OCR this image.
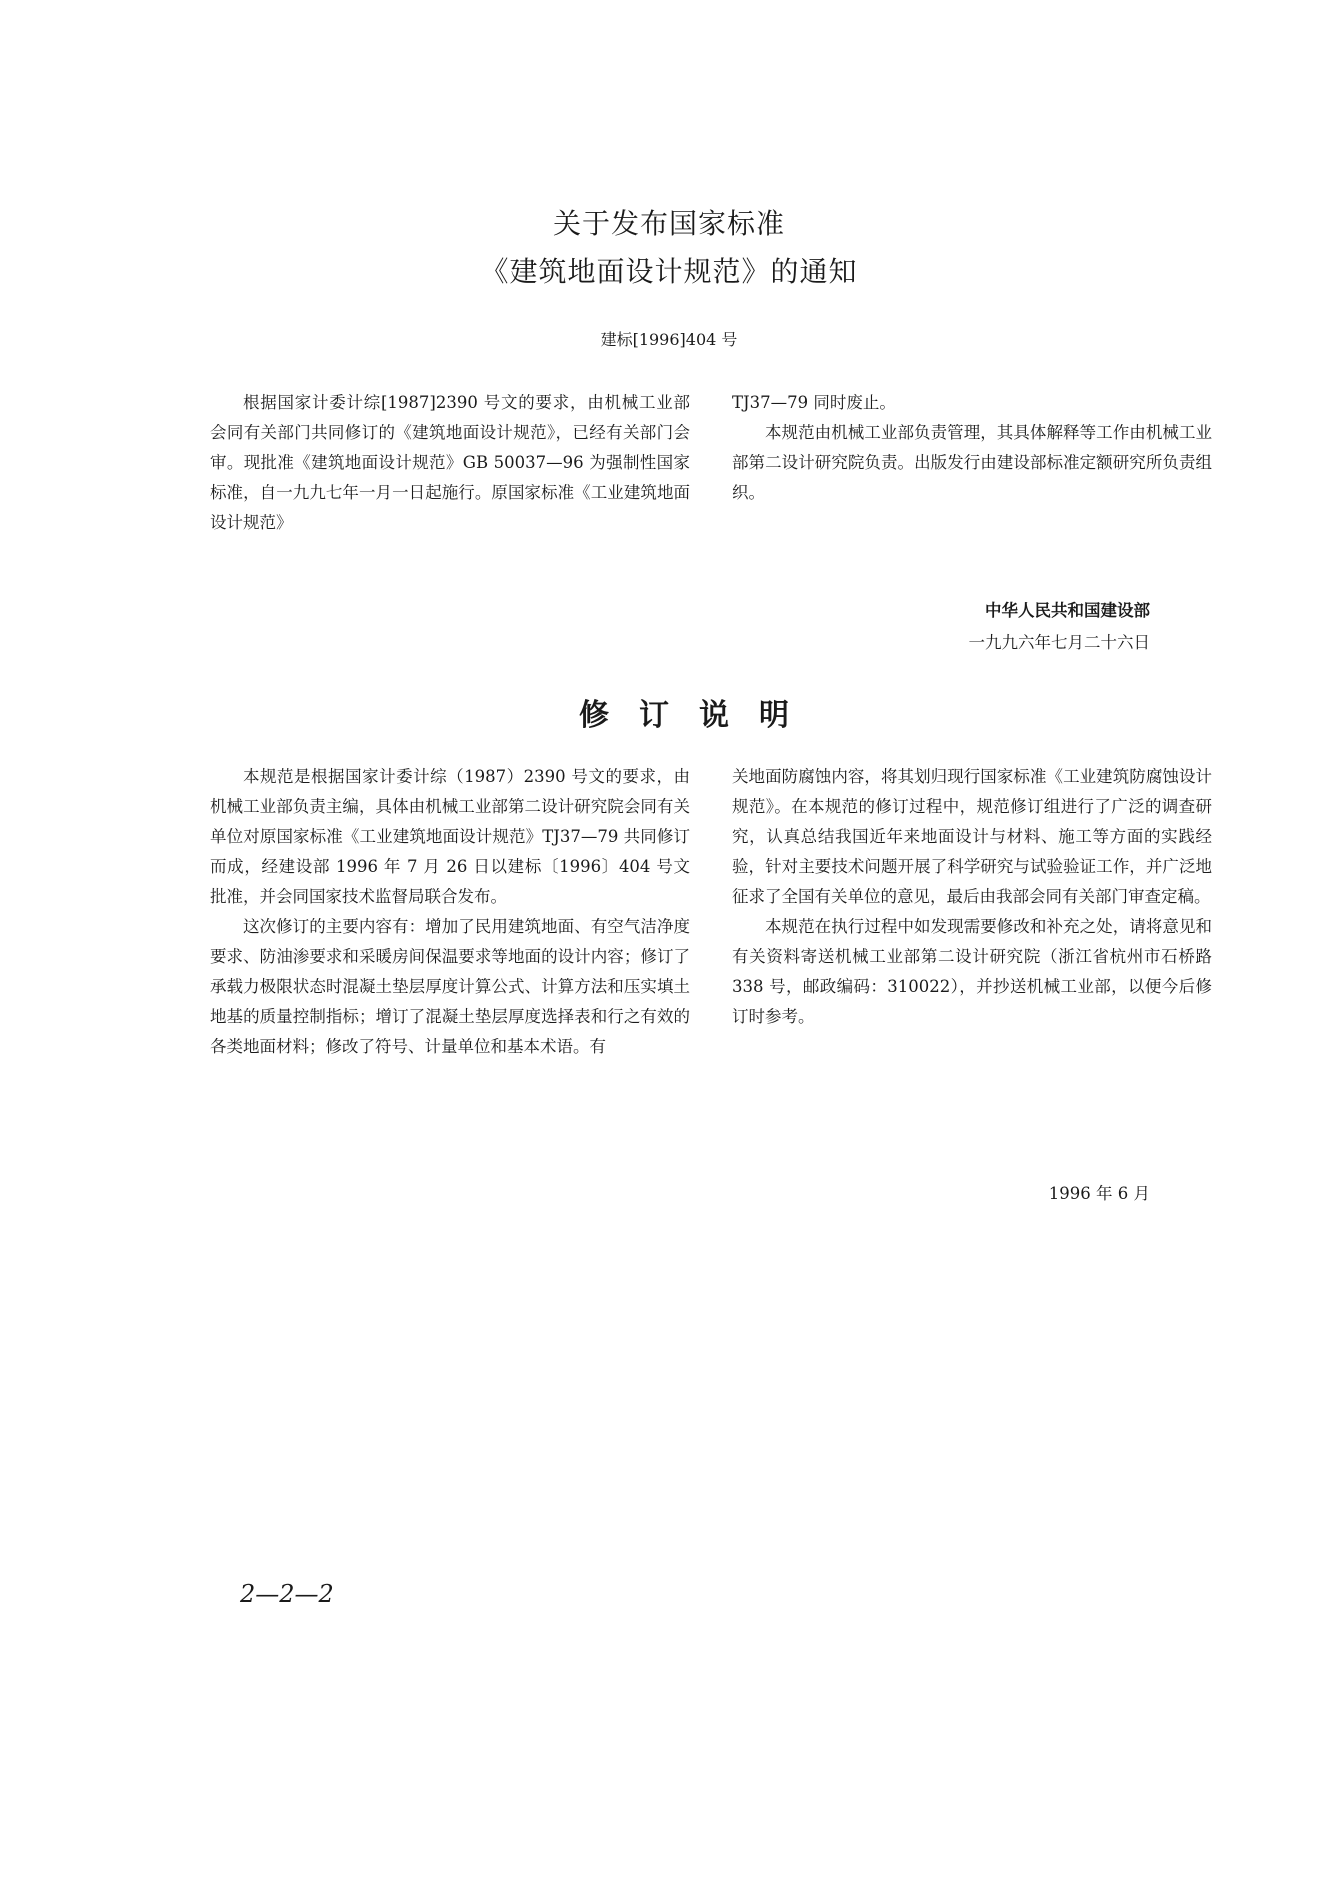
关于发布国家标准
《建筑地面设计规范》的通知
建标[1996]404 号

根据国家计委计综[1987]2390 号文的要求，由机械工业部会同有关部门共同修订的《建筑地面设计规范》，已经有关部门会审。现批准《建筑地面设计规范》GB 50037—96 为强制性国家标准，自一九九七年一月一日起施行。原国家标准《工业建筑地面设计规范》

TJ37—79 同时废止。

本规范由机械工业部负责管理，其具体解释等工作由机械工业部第二设计研究院负责。出版发行由建设部标准定额研究所负责组织。

中华人民共和国建设部
一九九六年七月二十六日
修订说明

本规范是根据国家计委计综（1987）2390 号文的要求，由机械工业部负责主编，具体由机械工业部第二设计研究院会同有关单位对原国家标准《工业建筑地面设计规范》TJ37—79 共同修订而成，经建设部 1996 年 7 月 26 日以建标〔1996〕404 号文批准，并会同国家技术监督局联合发布。

这次修订的主要内容有：增加了民用建筑地面、有空气洁净度要求、防油渗要求和采暖房间保温要求等地面的设计内容；修订了承载力极限状态时混凝土垫层厚度计算公式、计算方法和压实填土地基的质量控制指标；增订了混凝土垫层厚度选择表和行之有效的各类地面材料；修改了符号、计量单位和基本术语。有

关地面防腐蚀内容，将其划归现行国家标准《工业建筑防腐蚀设计规范》。在本规范的修订过程中，规范修订组进行了广泛的调查研究，认真总结我国近年来地面设计与材料、施工等方面的实践经验，针对主要技术问题开展了科学研究与试验验证工作，并广泛地征求了全国有关单位的意见，最后由我部会同有关部门审查定稿。

本规范在执行过程中如发现需要修改和补充之处，请将意见和有关资料寄送机械工业部第二设计研究院（浙江省杭州市石桥路 338 号，邮政编码：310022），并抄送机械工业部，以便今后修订时参考。

1996 年 6 月
2—2—2
